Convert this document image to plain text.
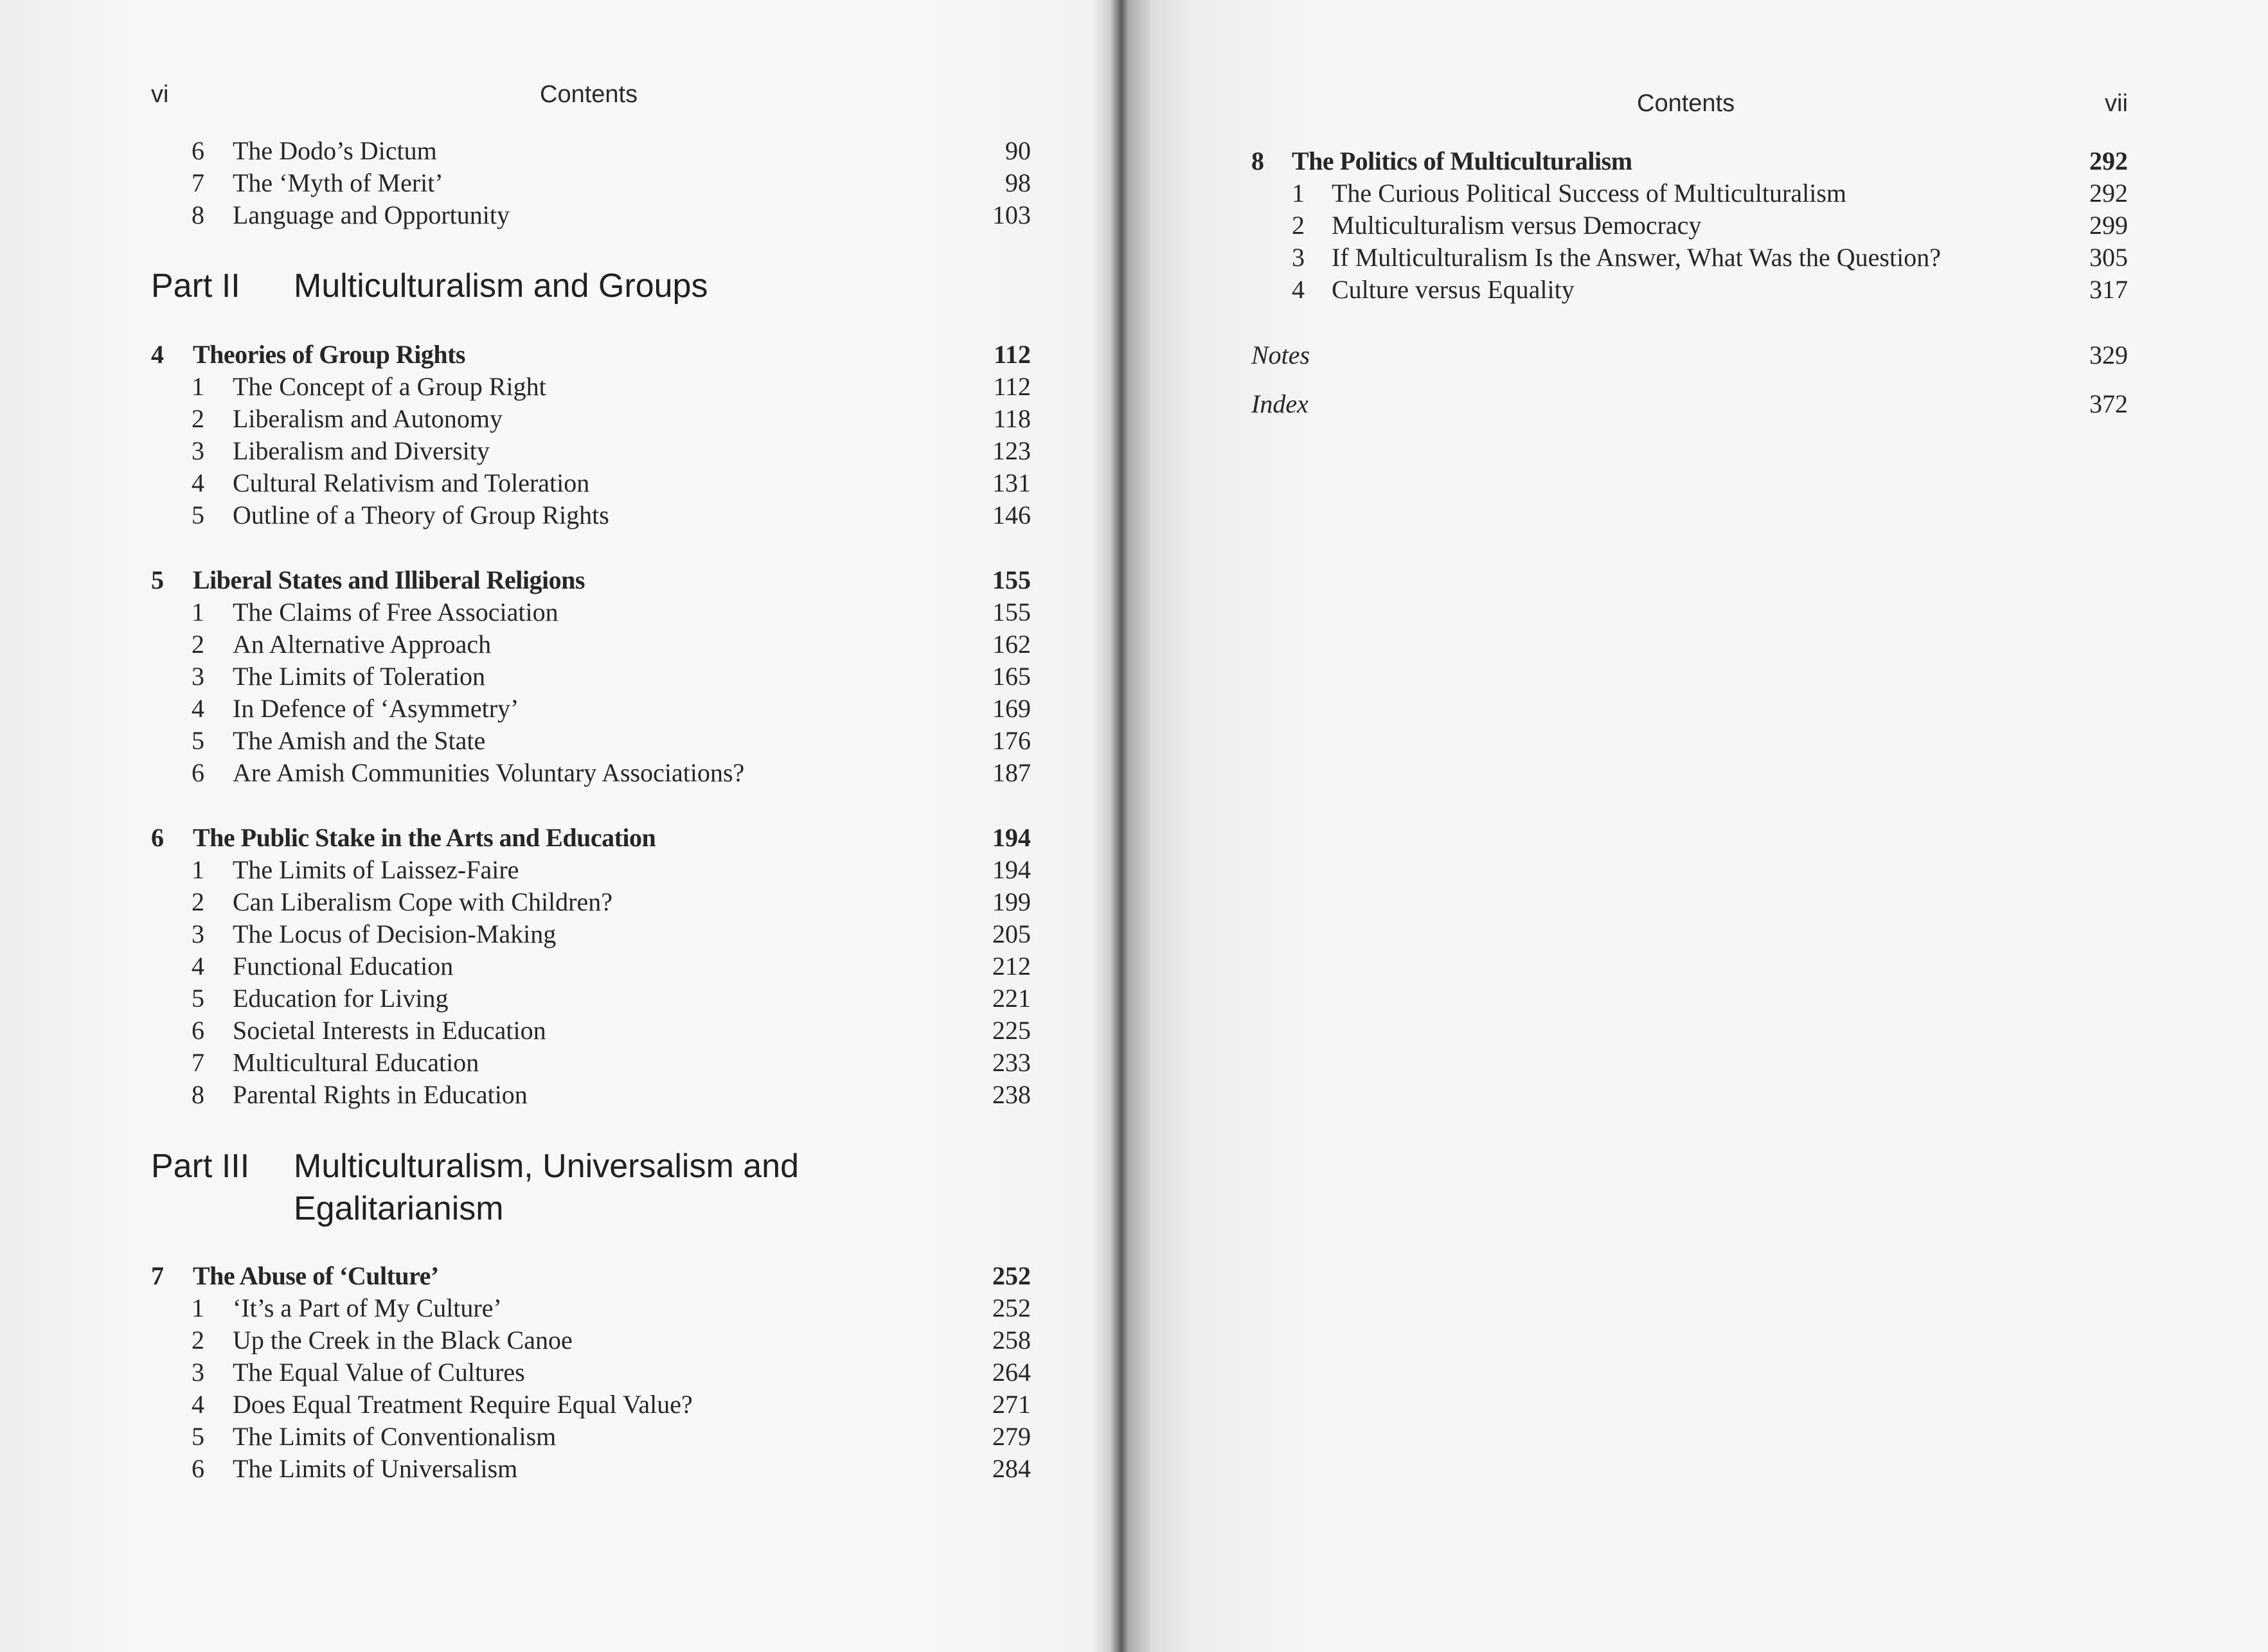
vi	Contents
6 The Dodo’s Dictum	90
7 The ‘Myth of Merit’	98
8 Language and Opportunity	103
Part II Multiculturalism and Groups
4 Theories of Group Rights	112
1 The Concept of a Group Right	112
2 Liberalism and Autonomy	118
3 Liberalism and Diversity	123
4 Cultural Relativism and Toleration	131
5 Outline of a Theory of Group Rights	146
5 Liberal States and Illiberal Religions	155
1 The Claims of Free Association	155
2 An Alternative Approach	162
3 The Limits of Toleration	165
4 In Defence of ‘Asymmetry’	169
5 The Amish and the State	176
6 Are Amish Communities Voluntary Associations?	187
6 The Public Stake in the Arts and Education	194
1 The Limits of Laissez-Faire	194
2 Can Liberalism Cope with Children?	199
3 The Locus of Decision-Making	205
4 Functional Education	212
5 Education for Living	221
6 Societal Interests in Education	225
7 Multicultural Education	233
8 Parental Rights in Education	238
Part III Multiculturalism, Universalism and
Egalitarianism
7 The Abuse of ‘Culture’	252
1 ‘It’s a Part of My Culture’	252
2 Up the Creek in the Black Canoe	258
3 The Equal Value of Cultures	264
4 Does Equal Treatment Require Equal Value?	271
5 The Limits of Conventionalism	279
6 The Limits of Universalism	284
Contents	vii
8 The Politics of Multiculturalism	292
1 The Curious Political Success of Multiculturalism	292
2 Multiculturalism versus Democracy	299
3 If Multiculturalism Is the Answer, What Was the Question?	305
4 Culture versus Equality	317
Notes	329
Index	372
